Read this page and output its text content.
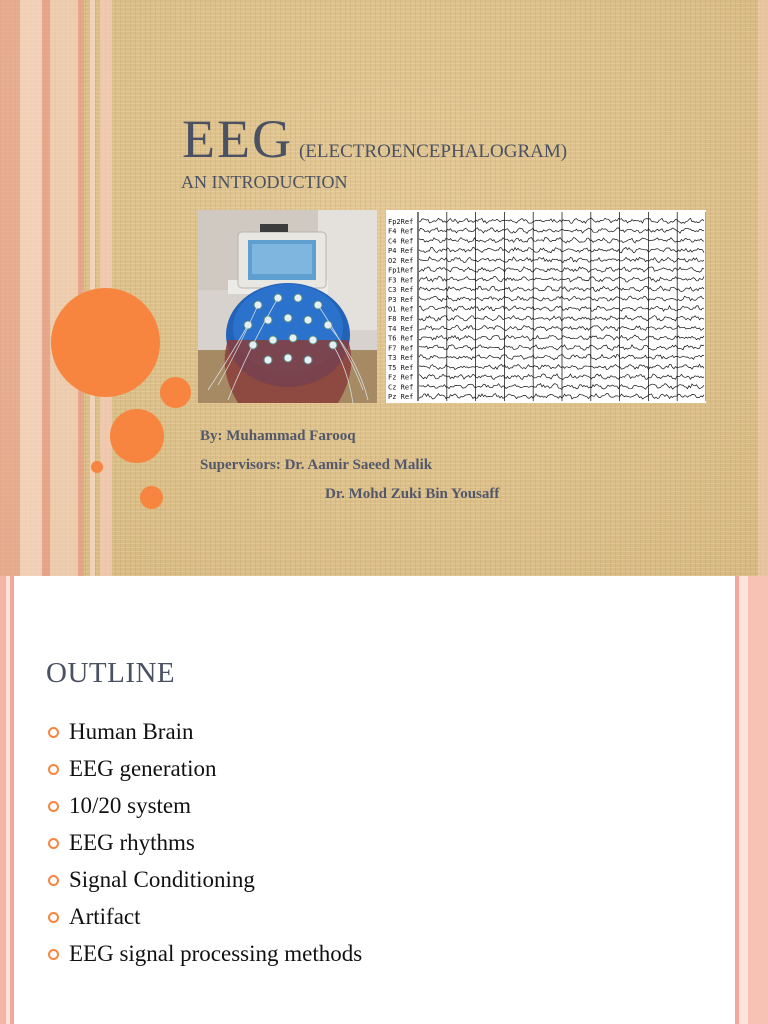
EEG (ELECTROENCEPHALOGRAM)
AN INTRODUCTION
Fp2Ref
F4 Ref
C4 Ref
P4 Ref
O2 Ref
Fp1Ref
F3 Ref
C3 Ref
P3 Ref
O1 Ref
F8 Ref
T4 Ref
T6 Ref
F7 Ref
T3 Ref
T5 Ref
Fz Ref
Cz Ref
Pz Ref
By: Muhammad Farooq
Supervisors: Dr. Aamir Saeed Malik
Dr. Mohd Zuki Bin Yousaff
OUTLINE
Human Brain
EEG generation
10/20 system
EEG rhythms
Signal Conditioning
Artifact
EEG signal processing methods
